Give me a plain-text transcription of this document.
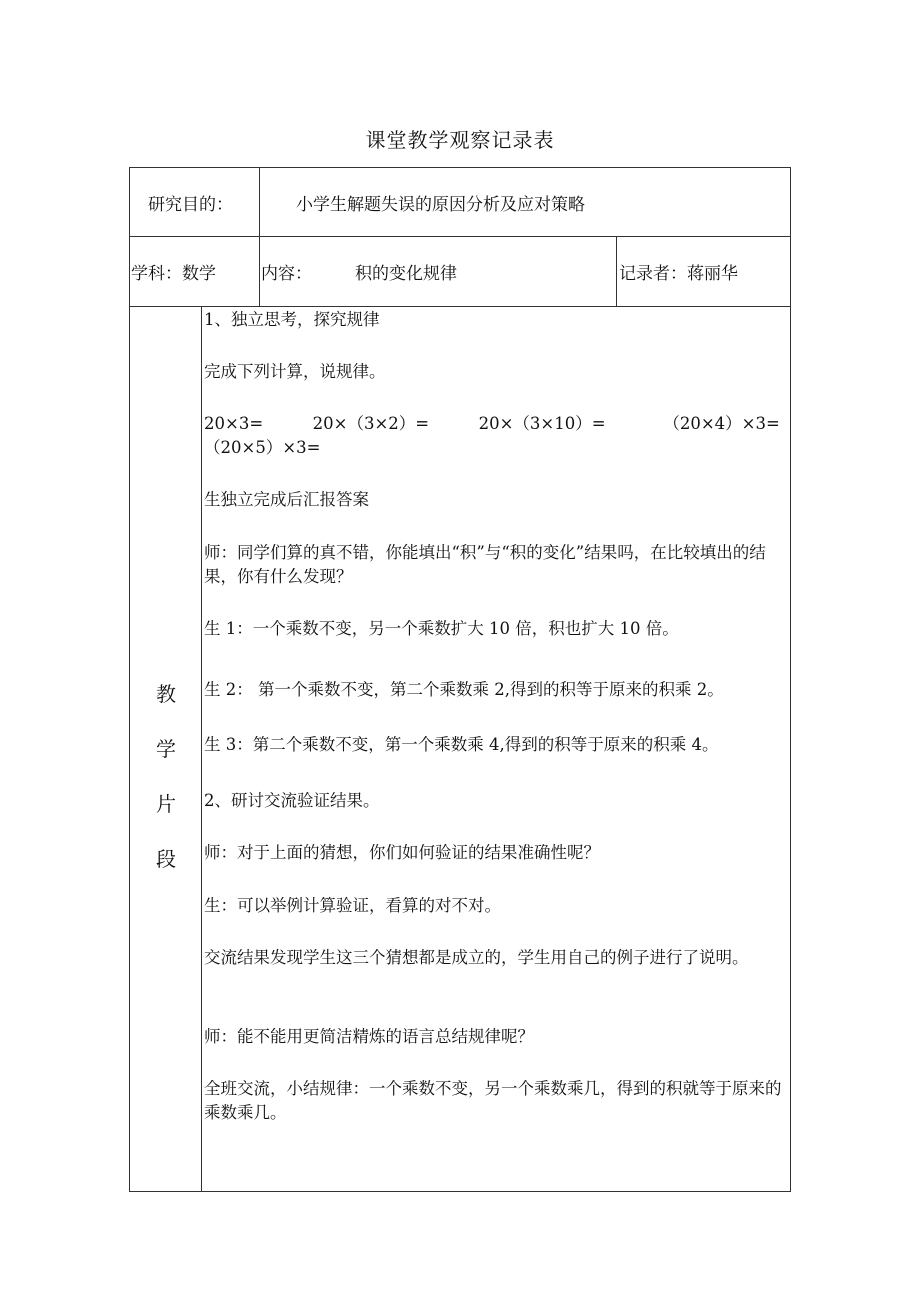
课堂教学观察记录表
研究目的：	小学生解题失误的原因分析及应对策略
学科：数学	内容：	积的变化规律	记录者：蒋丽华
教
学
片
段
1、独立思考，探究规律
完成下列计算，说规律。
20×3=　　　20×（3×2）=　　　20×（3×10）=　　　　（20×4）×3=（20×5）×3=
生独立完成后汇报答案
师：同学们算的真不错，你能填出“积”与“积的变化”结果吗，在比较填出的结果，你有什么发现？
生 1：一个乘数不变，另一个乘数扩大 10 倍，积也扩大 10 倍。
生 2： 第一个乘数不变，第二个乘数乘 2,得到的积等于原来的积乘 2。
生 3：第二个乘数不变，第一个乘数乘 4,得到的积等于原来的积乘 4。
2、研讨交流验证结果。
师：对于上面的猜想，你们如何验证的结果准确性呢？
生：可以举例计算验证，看算的对不对。
交流结果发现学生这三个猜想都是成立的，学生用自己的例子进行了说明。
师：能不能用更简洁精炼的语言总结规律呢？
全班交流，小结规律：一个乘数不变，另一个乘数乘几，得到的积就等于原来的乘数乘几。
